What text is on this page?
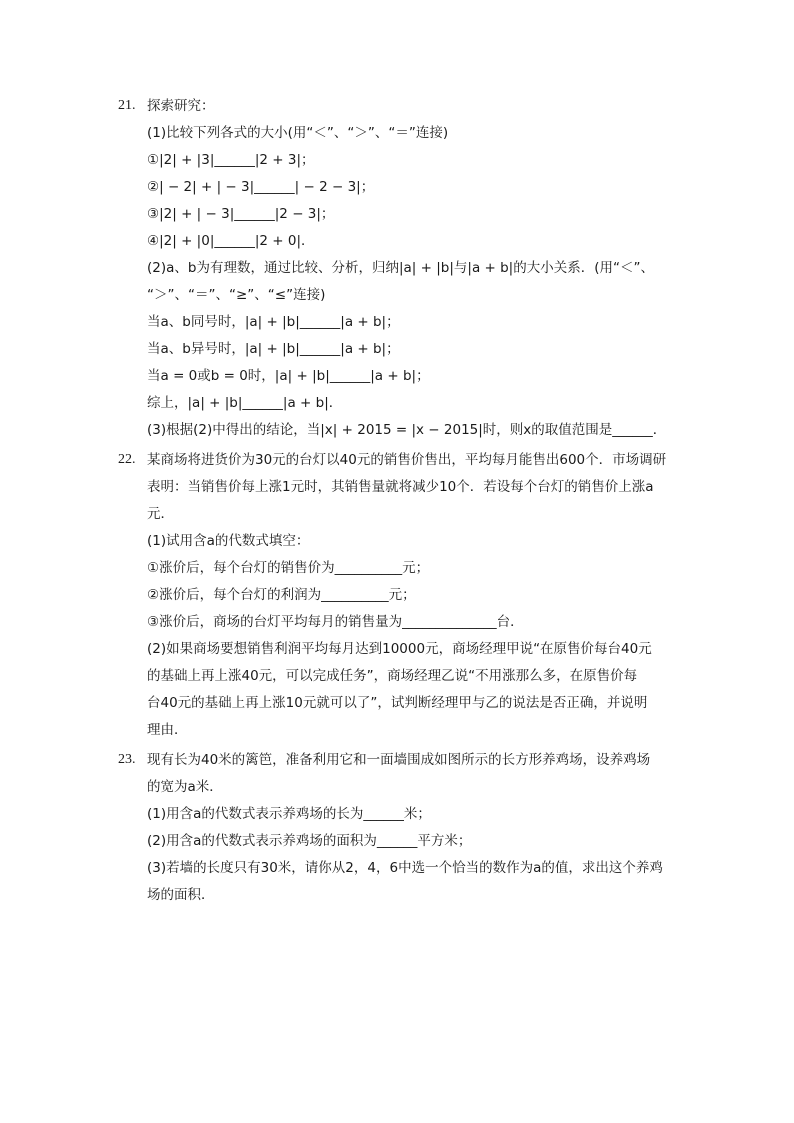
21. 探索研究：
(1)比较下列各式的大小(用“＜”、“＞”、“＝”连接)
①|2| + |3|______|2 + 3|；
②| − 2| + | − 3|______| − 2 − 3|；
③|2| + | − 3|______|2 − 3|；
④|2| + |0|______|2 + 0|．
(2)a、b为有理数，通过比较、分析，归纳|a| + |b|与|a + b|的大小关系．(用“＜”、
“＞”、“＝”、“≥”、“≤”连接)
当a、b同号时，|a| + |b|______|a + b|；
当a、b异号时，|a| + |b|______|a + b|；
当a = 0或b = 0时，|a| + |b|______|a + b|；
综上，|a| + |b|______|a + b|．
(3)根据(2)中得出的结论，当|x| + 2015 = |x − 2015|时，则x的取值范围是______．
22. 某商场将进货价为30元的台灯以40元的销售价售出，平均每月能售出600个．市场调研
表明：当销售价每上涨1元时，其销售量就将减少10个．若设每个台灯的销售价上涨a
元．
(1)试用含a的代数式填空：
①涨价后，每个台灯的销售价为__________元；
②涨价后，每个台灯的利润为__________元；
③涨价后，商场的台灯平均每月的销售量为______________台．
(2)如果商场要想销售利润平均每月达到10000元，商场经理甲说“在原售价每台40元
的基础上再上涨40元，可以完成任务”，商场经理乙说“不用涨那么多，在原售价每
台40元的基础上再上涨10元就可以了”，试判断经理甲与乙的说法是否正确，并说明
理由．
23. 现有长为40米的篱笆，准备利用它和一面墙围成如图所示的长方形养鸡场，设养鸡场
的宽为a米．
(1)用含a的代数式表示养鸡场的长为______米；
(2)用含a的代数式表示养鸡场的面积为______平方米；
(3)若墙的长度只有30米，请你从2，4，6中选一个恰当的数作为a的值，求出这个养鸡
场的面积．
